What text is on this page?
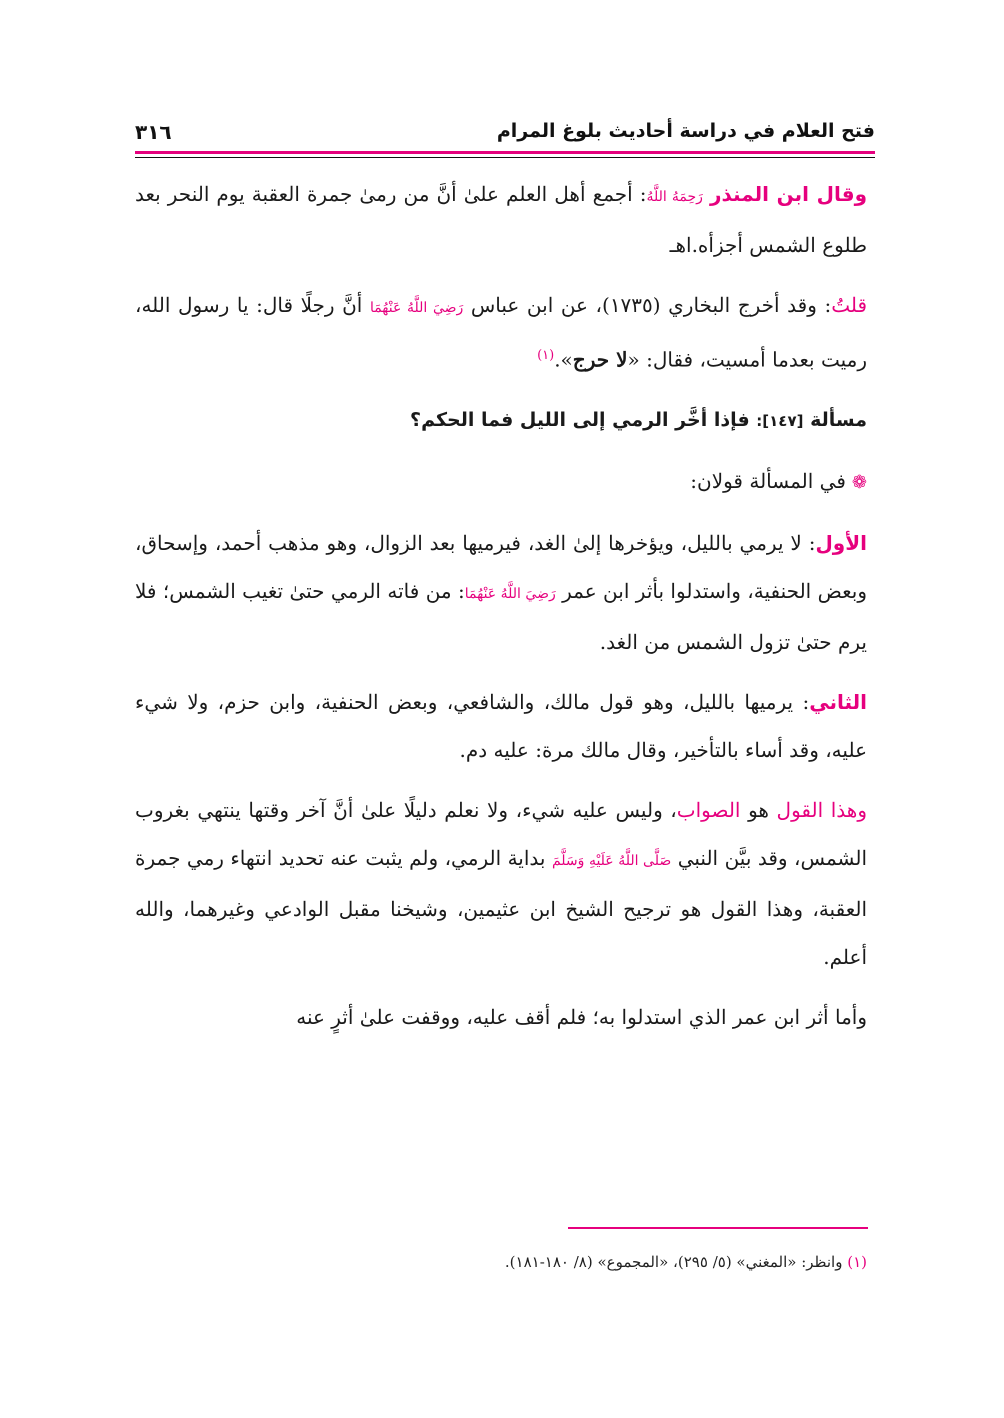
فتح العلام في دراسة أحاديث بلوغ المرام
٣١٦
وقال ابن المنذر رَحِمَهُ اللَّهُ: أجمع أهل العلم علىٰ أنَّ من رمىٰ جمرة العقبة يوم النحر بعد طلوع الشمس أجزأه.اهـ
قلتُ: وقد أخرج البخاري (١٧٣٥)، عن ابن عباس رَضِيَ اللَّهُ عَنْهُمَا أنَّ رجلًا قال: يا رسول الله، رميت بعدما أمسيت، فقال: «لا حرج».$^{(١)}$
مسألة [١٤٧]: فإذا أخَّر الرمي إلى الليل فما الحكم؟
❁في المسألة قولان:
الأول: لا يرمي بالليل، ويؤخرها إلىٰ الغد، فيرميها بعد الزوال، وهو مذهب أحمد، وإسحاق، وبعض الحنفية، واستدلوا بأثر ابن عمر رَضِيَ اللَّهُ عَنْهُمَا: من فاته الرمي حتىٰ تغيب الشمس؛ فلا يرم حتىٰ تزول الشمس من الغد.
الثاني: يرميها بالليل، وهو قول مالك، والشافعي، وبعض الحنفية، وابن حزم، ولا شيء عليه، وقد أساء بالتأخير، وقال مالك مرة: عليه دم.
وهذا القول هو الصواب، وليس عليه شيء، ولا نعلم دليلًا علىٰ أنَّ آخر وقتها ينتهي بغروب الشمس، وقد بيَّن النبي صَلَّى اللَّهُ عَلَيْهِ وَسَلَّمَ بداية الرمي، ولم يثبت عنه تحديد انتهاء رمي جمرة العقبة، وهذا القول هو ترجيح الشيخ ابن عثيمين، وشيخنا مقبل الوادعي وغيرهما، والله أعلم.
وأما أثر ابن عمر الذي استدلوا به؛ فلم أقف عليه، ووقفت علىٰ أثرٍ عنه
(١) وانظر: «المغني» (٥/ ٢٩٥)، «المجموع» (٨/ ١٨٠-١٨١).
